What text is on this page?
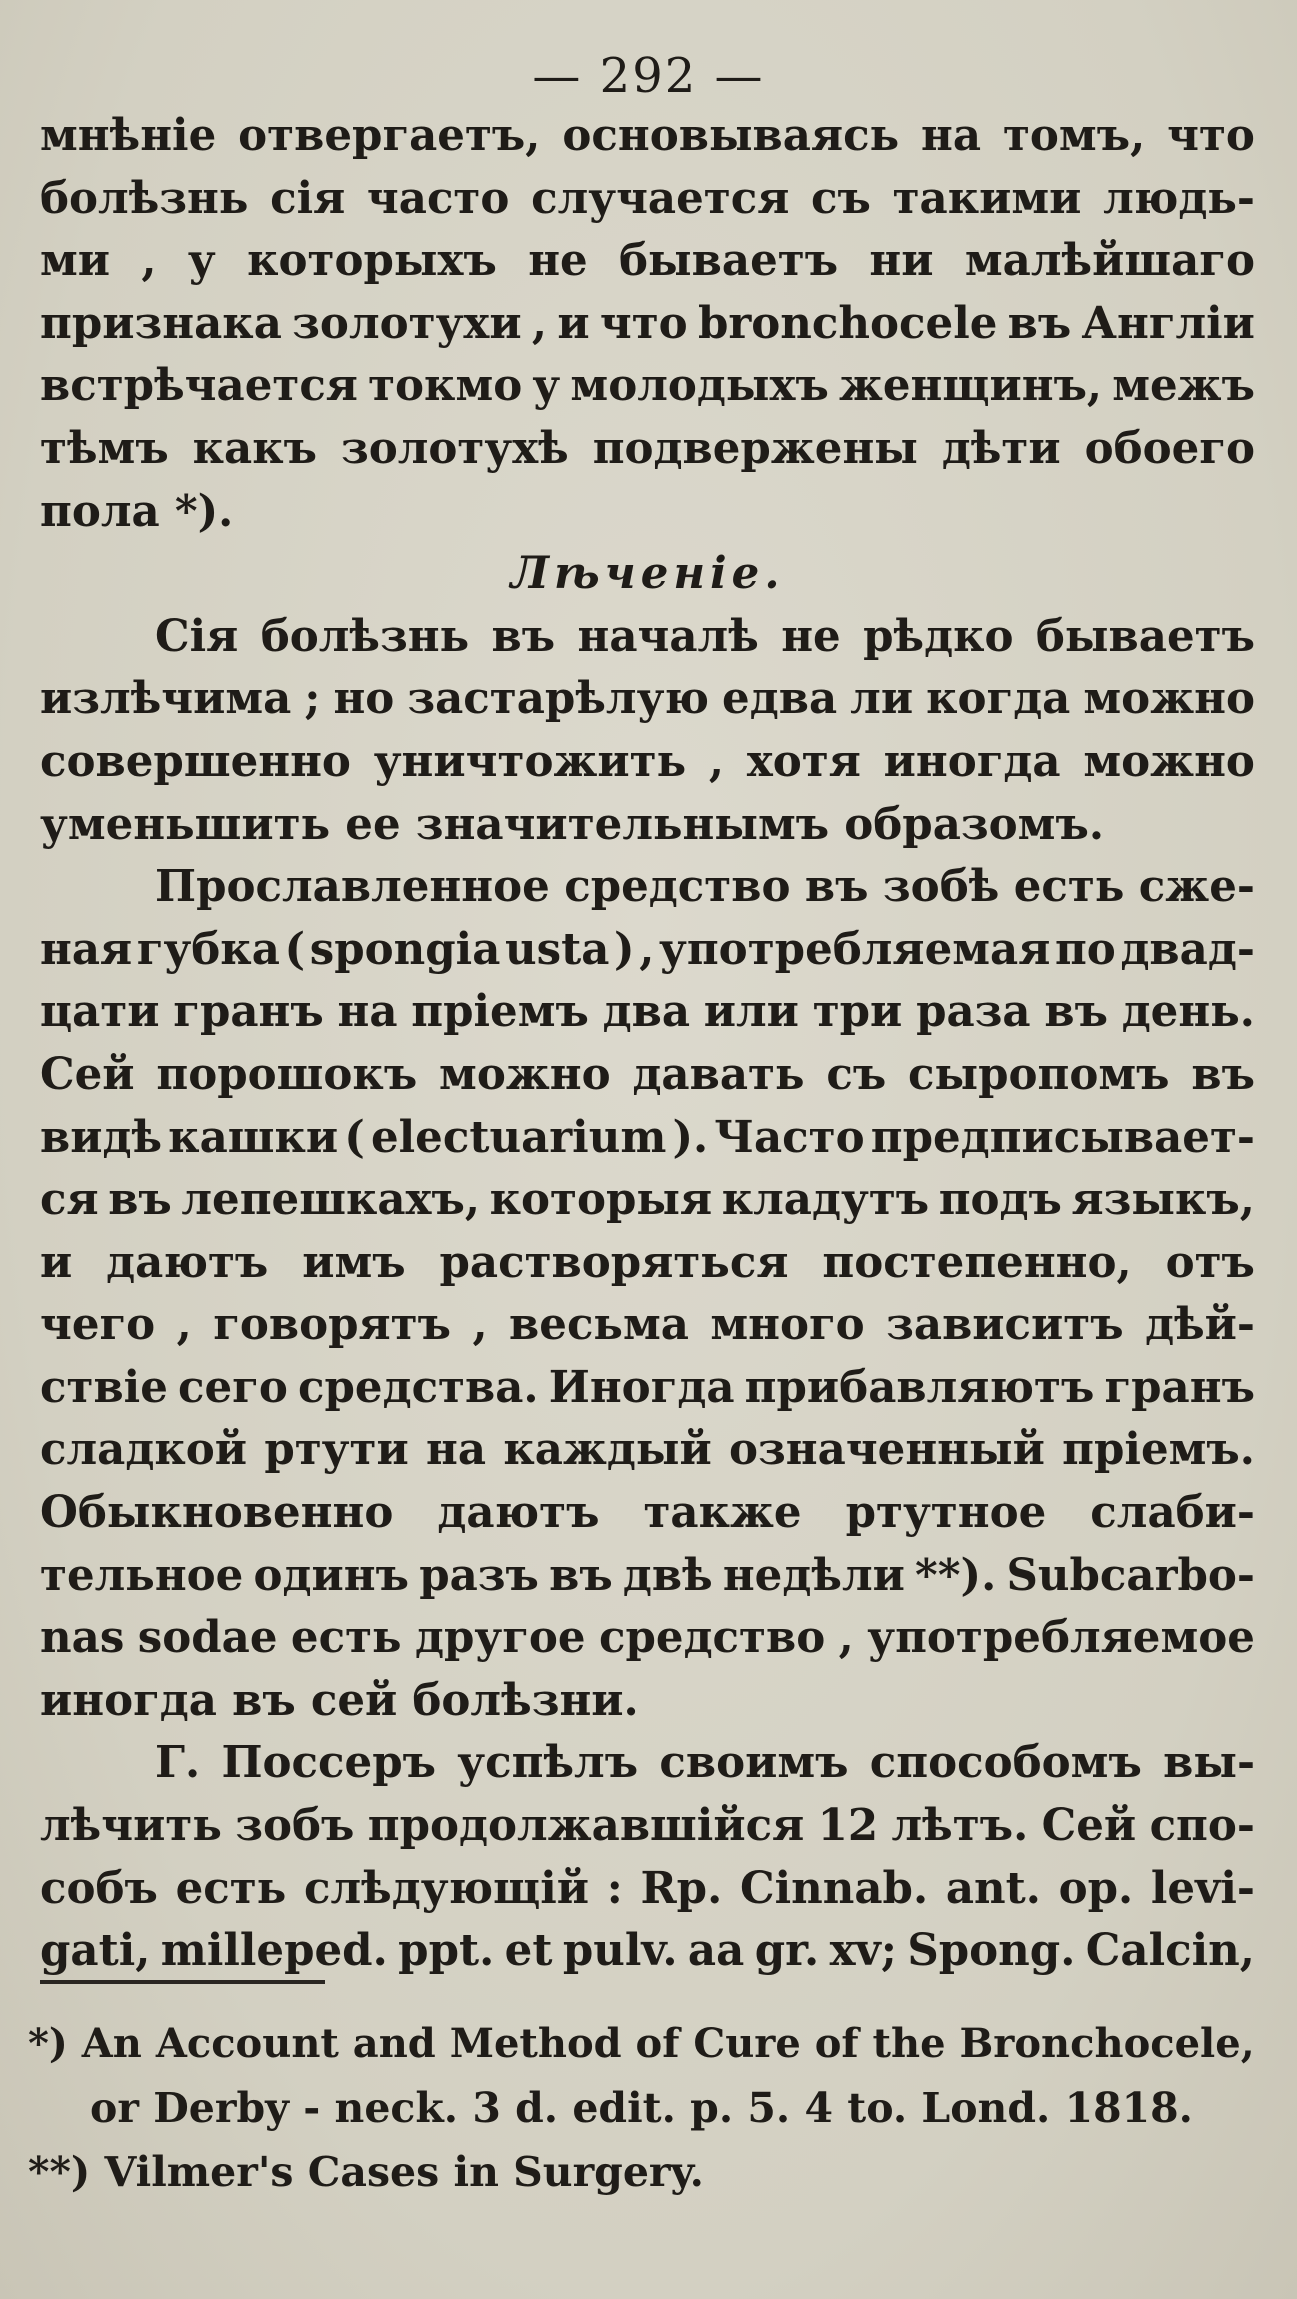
— 292 —
мнѣніе отвергаетъ, основываясь на томъ, что
болѣзнь сія часто случается съ такими людь-
ми , у которыхъ не бываетъ ни малѣйшаго
признака золотухи , и что bronchocele въ Англіи
встрѣчается токмо у молодыхъ женщинъ, межъ
тѣмъ какъ золотухѣ подвержены дѣти обоего
пола *).
Лѣченіе.
Сія болѣзнь въ началѣ не рѣдко бываетъ
излѣчима ; но застарѣлую едва ли когда можно
совершенно уничтожить , хотя иногда можно
уменьшить ее значительнымъ образомъ.
Прославленное средство въ зобѣ есть сже-
ная губка ( spongia usta ) , употребляемая по двад-
цати гранъ на пріемъ два или три раза въ день.
Сей порошокъ можно давать съ сыропомъ въ
видѣ кашки ( electuarium ). Часто предписывает-
ся въ лепешкахъ, которыя кладутъ подъ языкъ,
и даютъ имъ растворяться постепенно, отъ
чего , говорятъ , весьма много зависитъ дѣй-
ствіе сего средства. Иногда прибавляютъ гранъ
сладкой ртути на каждый означенный пріемъ.
Обыкновенно даютъ также ртутное слаби-
тельное одинъ разъ въ двѣ недѣли **). Subcarbo-
nas sodae есть другое средство , употребляемое
иногда въ сей болѣзни.
Г. Поссеръ успѣлъ своимъ способомъ вы-
лѣчить зобъ продолжавшійся 12 лѣтъ. Сей спо-
собъ есть слѣдующій : Rp. Cinnab. ant. op. levi-
gati, milleped. ppt. et pulv. aa gr. xv; Spong. Calcin,
*) An Account and Method of Cure of the Bronchocele,
or Derby - neck. 3 d. edit. p. 5. 4 to. Lond. 1818.
**) Vilmer's Cases in Surgery.
